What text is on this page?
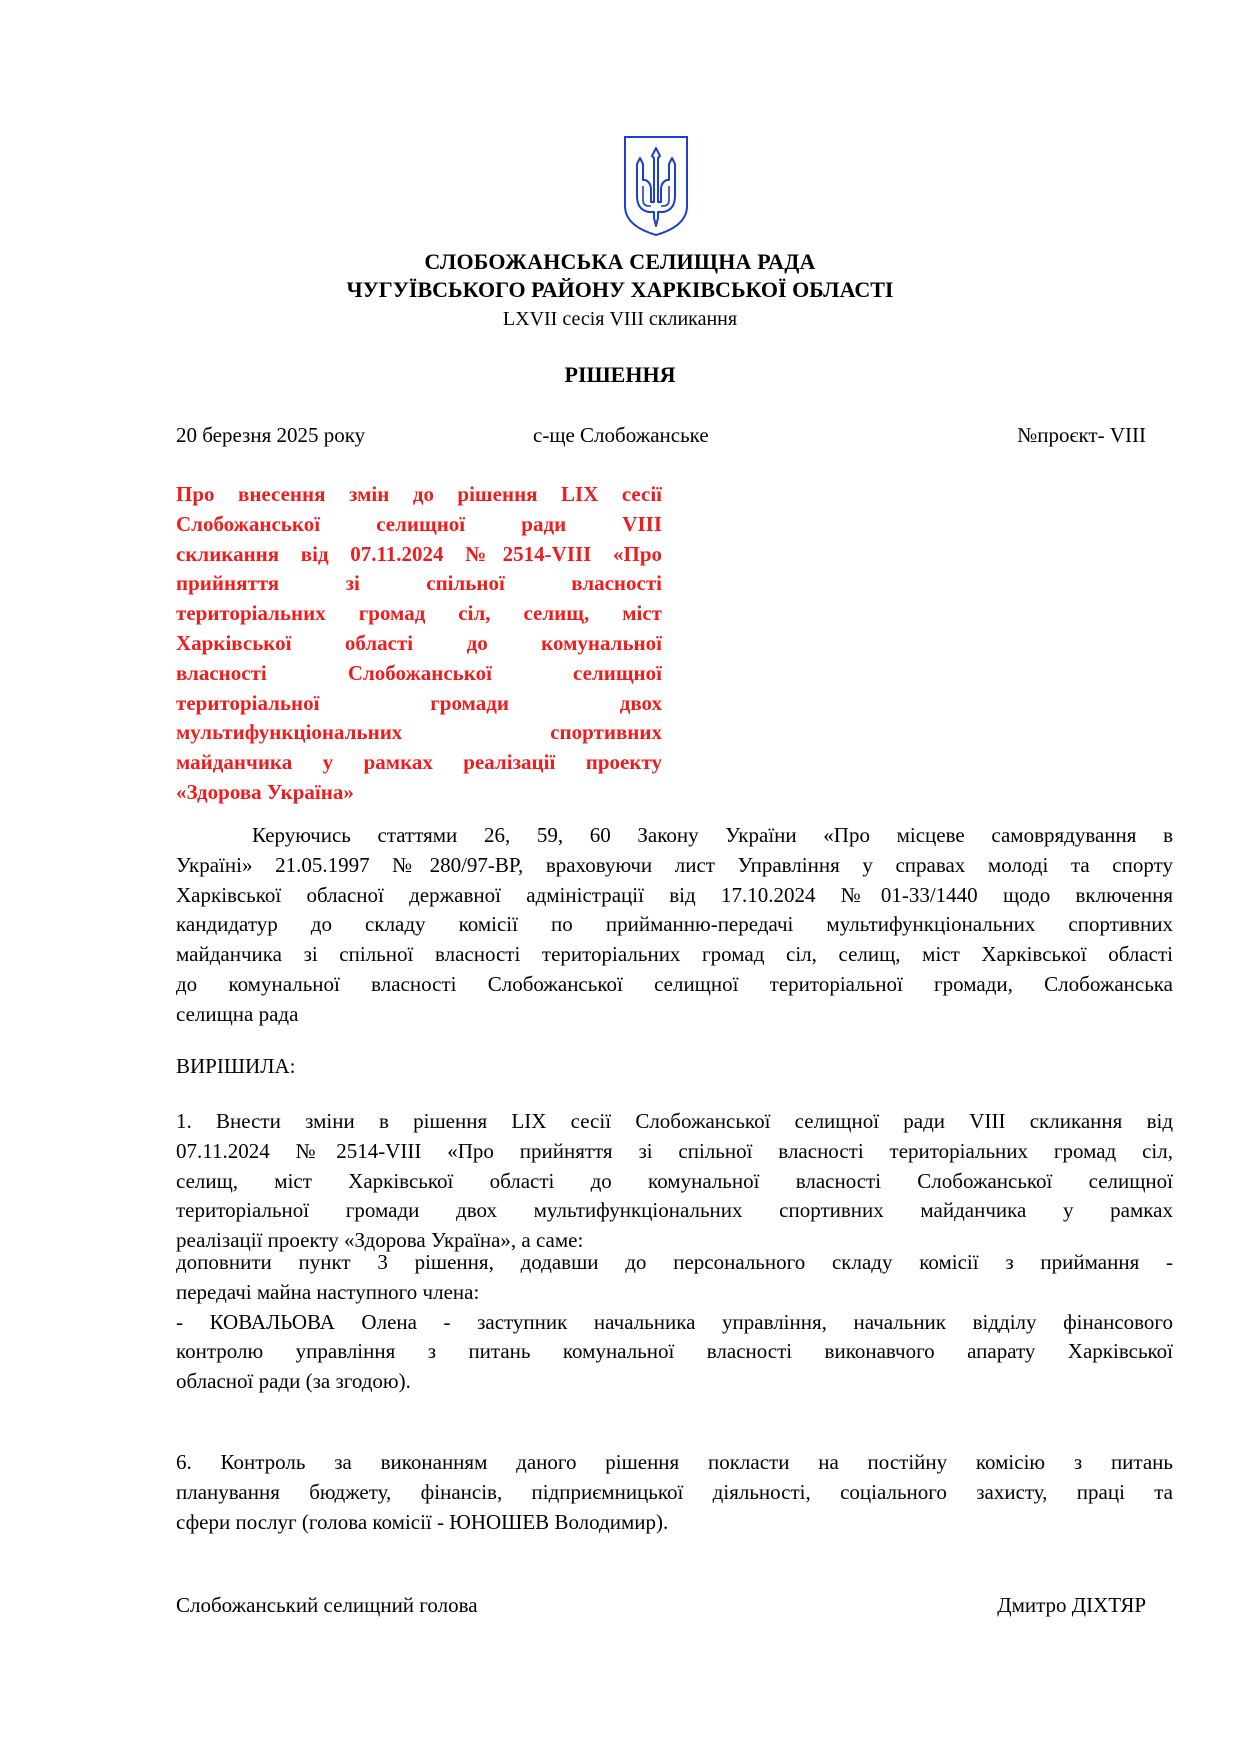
СЛОБОЖАНСЬКА СЕЛИЩНА РАДА
ЧУГУЇВСЬКОГО РАЙОНУ ХАРКІВСЬКОЇ ОБЛАСТІ
LXVII сесія VIII скликання
РІШЕННЯ
20 березня 2025 року	с-ще Слобожанське	№проєкт- VIII
Про внесення змін до рішення LIX сесії
Слобожанської селищної ради VIII
скликання від 07.11.2024 №2514-VIII «Про
прийняття зі спільної власності
територіальних громад сіл, селищ, міст
Харківської області до комунальної
власності Слобожанської селищної
територіальної громади двох
мультифункціональних спортивних
майданчика у рамках реалізації проекту
«Здорова Україна»
Керуючись статтями 26, 59, 60 Закону України «Про місцеве самоврядування в
Україні» 21.05.1997 №280/97-ВР, враховуючи лист Управління у справах молоді та спорту
Харківської обласної державної адміністрації від 17.10.2024 №01-33/1440 щодо включення
кандидатур до складу комісії по прийманню-передачі мультифункціональних спортивних
майданчика зі спільної власності територіальних громад сіл, селищ, міст Харківської області
до комунальної власності Слобожанської селищної територіальної громади, Слобожанська
селищна рада
ВИРІШИЛА:
1. Внести зміни в рішення LIX сесії Слобожанської селищної ради VIII скликання від
07.11.2024 №2514-VIII «Про прийняття зі спільної власності територіальних громад сіл,
селищ, міст Харківської області до комунальної власності Слобожанської селищної
територіальної громади двох мультифункціональних спортивних майданчика у рамках
реалізації проекту «Здорова Україна», а саме:
доповнити пункт 3 рішення, додавши до персонального складу комісії з приймання -
передачі майна наступного члена:
- КОВАЛЬОВА Олена - заступник начальника управління, начальник відділу фінансового
контролю управління з питань комунальної власності виконавчого апарату Харківської
обласної ради (за згодою).
6. Контроль за виконанням даного рішення покласти на постійну комісію з питань
планування бюджету, фінансів, підприємницької діяльності, соціального захисту, праці та
сфери послуг (голова комісії - ЮНОШЕВ Володимир).
Слобожанський селищний голова	Дмитро ДІХТЯР
